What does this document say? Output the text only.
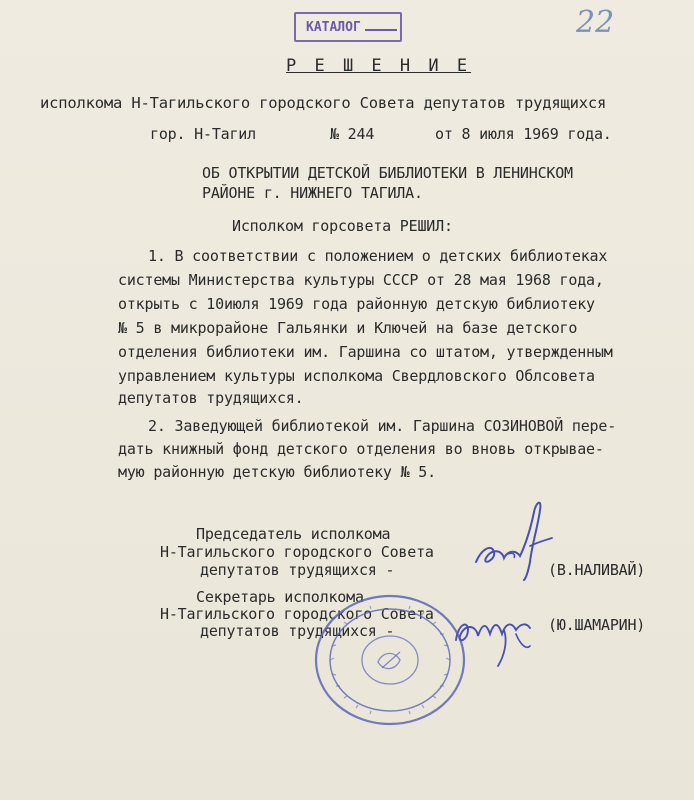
КАТАЛОГ	22
Р Е Ш Е Н И Е
исполкома Н-Тагильского городского Совета депутатов трудящихся
гор. Н-Тагил	№ 244	от 8 июля 1969 года.
ОБ ОТКРЫТИИ ДЕТСКОЙ БИБЛИОТЕКИ В ЛЕНИНСКОМ
РАЙОНЕ г. НИЖНЕГО ТАГИЛА.
Исполком горсовета РЕШИЛ:
1. В соответствии с положением о детских библиотеках
системы Министерства культуры СССР от 28 мая 1968 года,
открыть с 10июля 1969 года районную детскую библиотеку
№ 5 в микрорайоне Гальянки и Ключей на базе детского
отделения библиотеки им. Гаршина со штатом, утвержденным
управлением культуры исполкома Свердловского Облсовета
депутатов трудящихся.
2. Заведующей библиотекой им. Гаршина СОЗИНОВОЙ пере-
дать книжный фонд детского отделения во вновь открывае-
мую районную детскую библиотеку № 5.
Председатель исполкома
Н-Тагильского городского Совета
депутатов трудящихся -	(В.НАЛИВАЙ)
Секретарь исполкома
Н-Тагильского городского Совета
депутатов трудящихся -	(Ю.ШАМАРИН)
